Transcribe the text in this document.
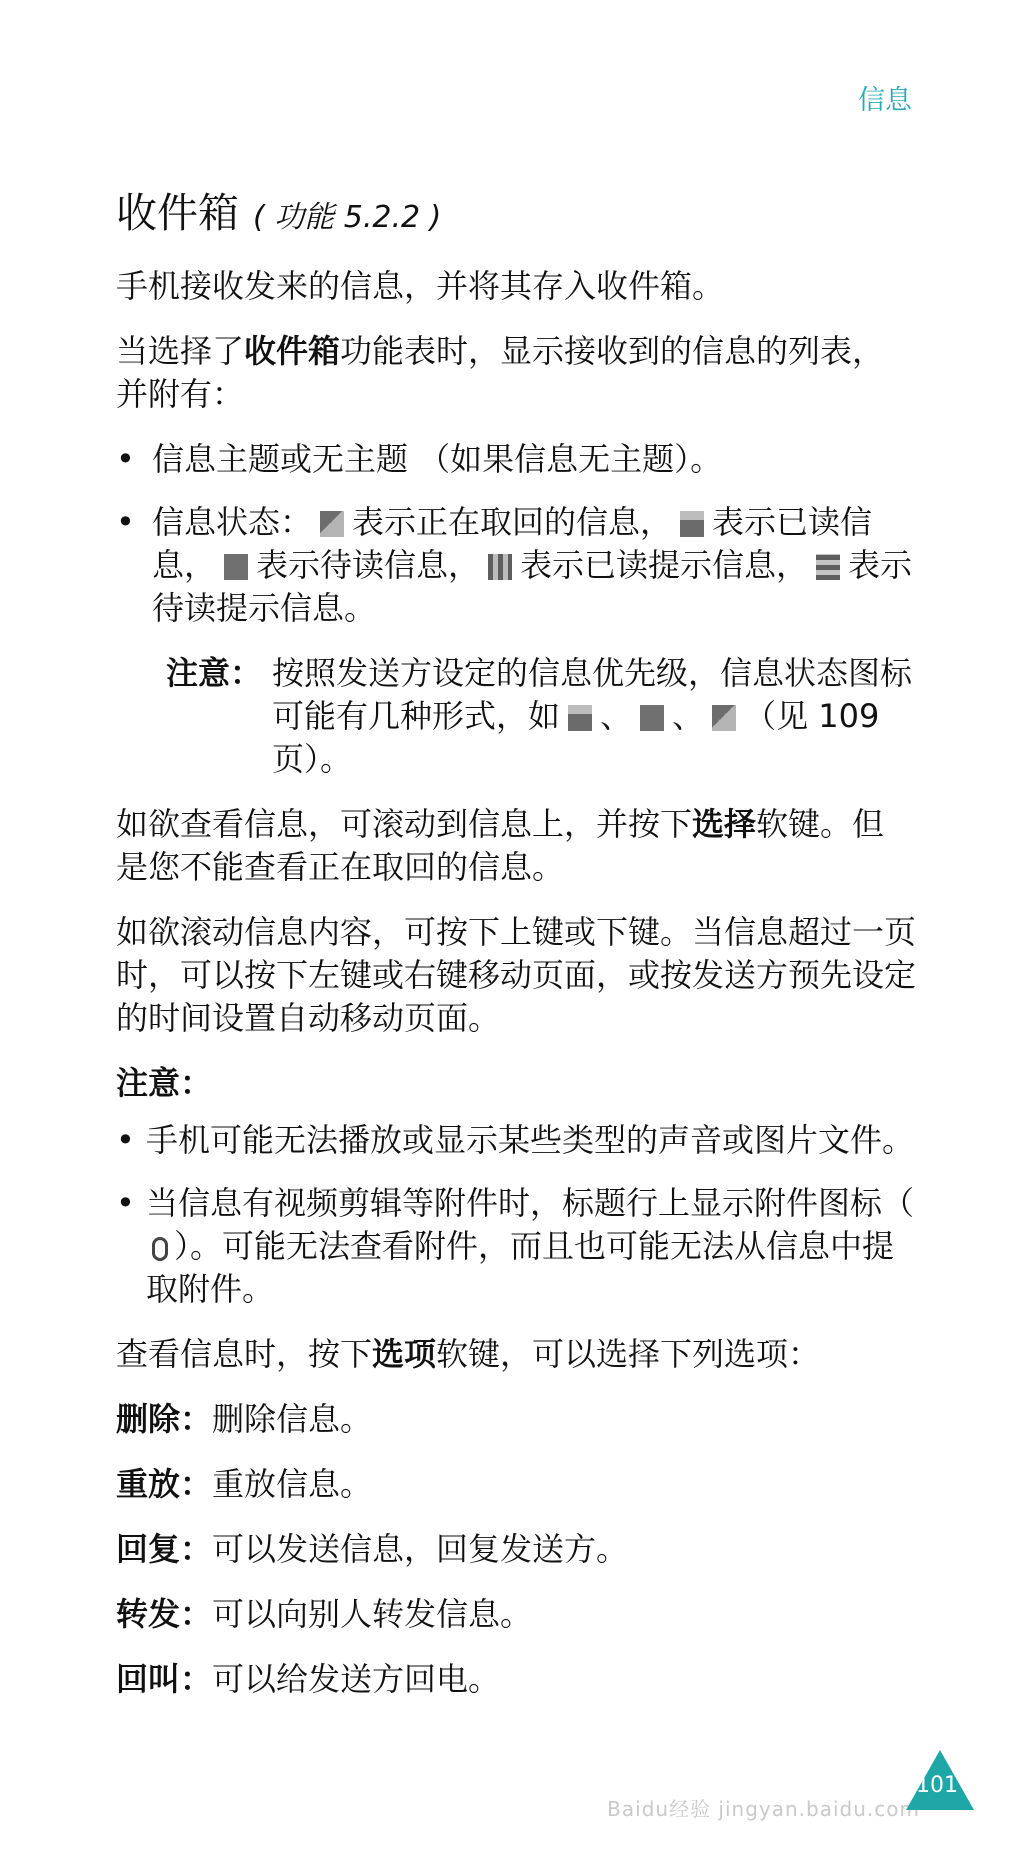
信息
收件箱 ( 功能 5.2.2 )

手机接收发来的信息，并将其存入收件箱。

当选择了收件箱功能表时，显示接收到的信息的列表，并附有：

• 信息主题或无主题 （如果信息无主题）。
• 信息状态： 表示正在取回的信息， 表示已读信息， 表示待读信息， 表示已读提示信息， 表示待读提示信息。
注意： 按照发送方设定的信息优先级，信息状态图标可能有几种形式，如 、 、 （见 109 页）。

如欲查看信息，可滚动到信息上，并按下选择软键。但是您不能查看正在取回的信息。

如欲滚动信息内容，可按下上键或下键。当信息超过一页时，可以按下左键或右键移动页面，或按发送方预先设定的时间设置自动移动页面。

注意：

• 手机可能无法播放或显示某些类型的声音或图片文件。
• 当信息有视频剪辑等附件时，标题行上显示附件图标（）。可能无法查看附件，而且也可能无法从信息中提取附件。

查看信息时，按下选项软键，可以选择下列选项：

删除：删除信息。
重放：重放信息。
回复：可以发送信息，回复发送方。
转发：可以向别人转发信息。
回叫：可以给发送方回电。
Baidu经验 jingyan.baidu.com
101
